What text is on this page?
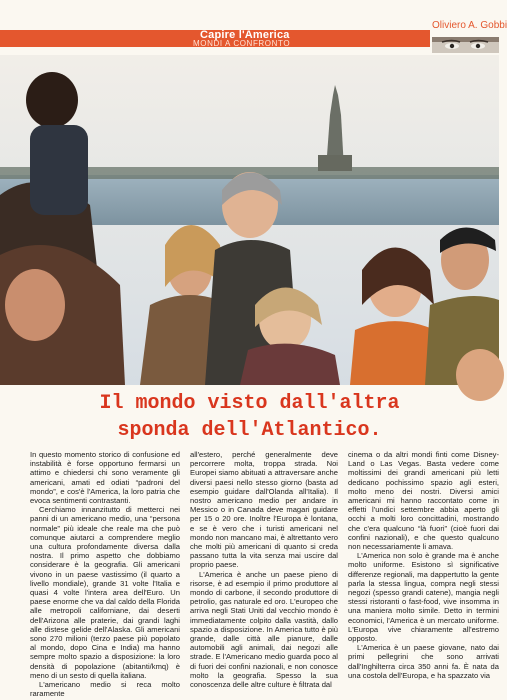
Capire l'America
MONDI A CONFRONTO
Oliviero A. Gobbi
Il mondo visto dall'altra
sponda dell'Atlantico.

In questo momento storico di confusione ed instabilità è forse opportuno fermarsi un attimo e chiedersi chi sono veramente gli americani, amati ed odiati “padroni del mondo”, e cos'è l'America, la loro patria che evoca sentimenti contrastanti.

Cerchiamo innanzitutto di metterci nei panni di un americano medio, una “persona normale” più ideale che reale ma che può comunque aiutarci a comprendere meglio una cultura profondamente diversa dalla nostra. Il primo aspetto che dobbiamo considerare è la geografia. Gli americani vivono in un paese vastissimo (il quarto a livello mondiale), grande 31 volte l'Italia e quasi 4 volte l'intera area dell'Euro. Un paese enorme che va dal caldo della Florida alle metropoli californiane, dai deserti dell'Arizona alle praterie, dai grandi laghi alle distese gelide dell'Alaska. Gli americani sono 270 milioni (terzo paese più popolato al mondo, dopo Cina e India) ma hanno sempre molto spazio a disposizione: la loro densità di popolazione (abitanti/kmq) è meno di un sesto di quella italiana.

L'americano medio si reca molto raramente

all'estero, perché generalmente deve percorrere molta, troppa strada. Noi Europei siamo abituati a attraversare anche diversi paesi nello stesso giorno (basta ad esempio guidare dall'Olanda all'Italia). Il nostro americano medio per andare in Messico o in Canada deve magari guidare per 15 o 20 ore. Inoltre l'Europa è lontana, e se è vero che i turisti americani nel mondo non mancano mai, è altrettanto vero che molti più americani di quanto si creda passano tutta la vita senza mai uscire dal proprio paese.

L'America è anche un paese pieno di risorse, è ad esempio il primo produttore al mondo di carbone, il secondo produttore di petrolio, gas naturale ed oro. L'europeo che arriva negli Stati Uniti dal vecchio mondo è immediatamente colpito dalla vastità, dallo spazio a disposizione. In America tutto è più grande, dalle città alle pianure, dalle automobili agli animali, dai negozi alle strade. E l'Americano medio guarda poco al di fuori dei confini nazionali, e non conosce molto la geografia. Spesso la sua conoscenza delle altre culture è filtrata dal

cinema o da altri mondi finti come Disney-Land o Las Vegas. Basta vedere come moltissimi dei grandi americani più letti dedicano pochissimo spazio agli esteri, molto meno dei nostri. Diversi amici americani mi hanno raccontato come in effetti l'undici settembre abbia aperto gli occhi a molti loro concittadini, mostrando che c'era qualcuno “là fuori” (cioè fuori dai confini nazionali), e che questo qualcuno non necessariamente li amava.

L'America non solo è grande ma è anche molto uniforme. Esistono sì significative differenze regionali, ma dappertutto la gente parla la stessa lingua, compra negli stessi negozi (spesso grandi catene), mangia negli stessi ristoranti o fast-food, vive insomma in una maniera molto simile. Detto in termini economici, l'America è un mercato uniforme. L'Europa vive chiaramente all'estremo opposto.

L'America è un paese giovane, nato dai primi pellegrini che sono arrivati dall'Inghilterra circa 350 anni fa. È nata da una costola dell'Europa, e ha spazzato via
